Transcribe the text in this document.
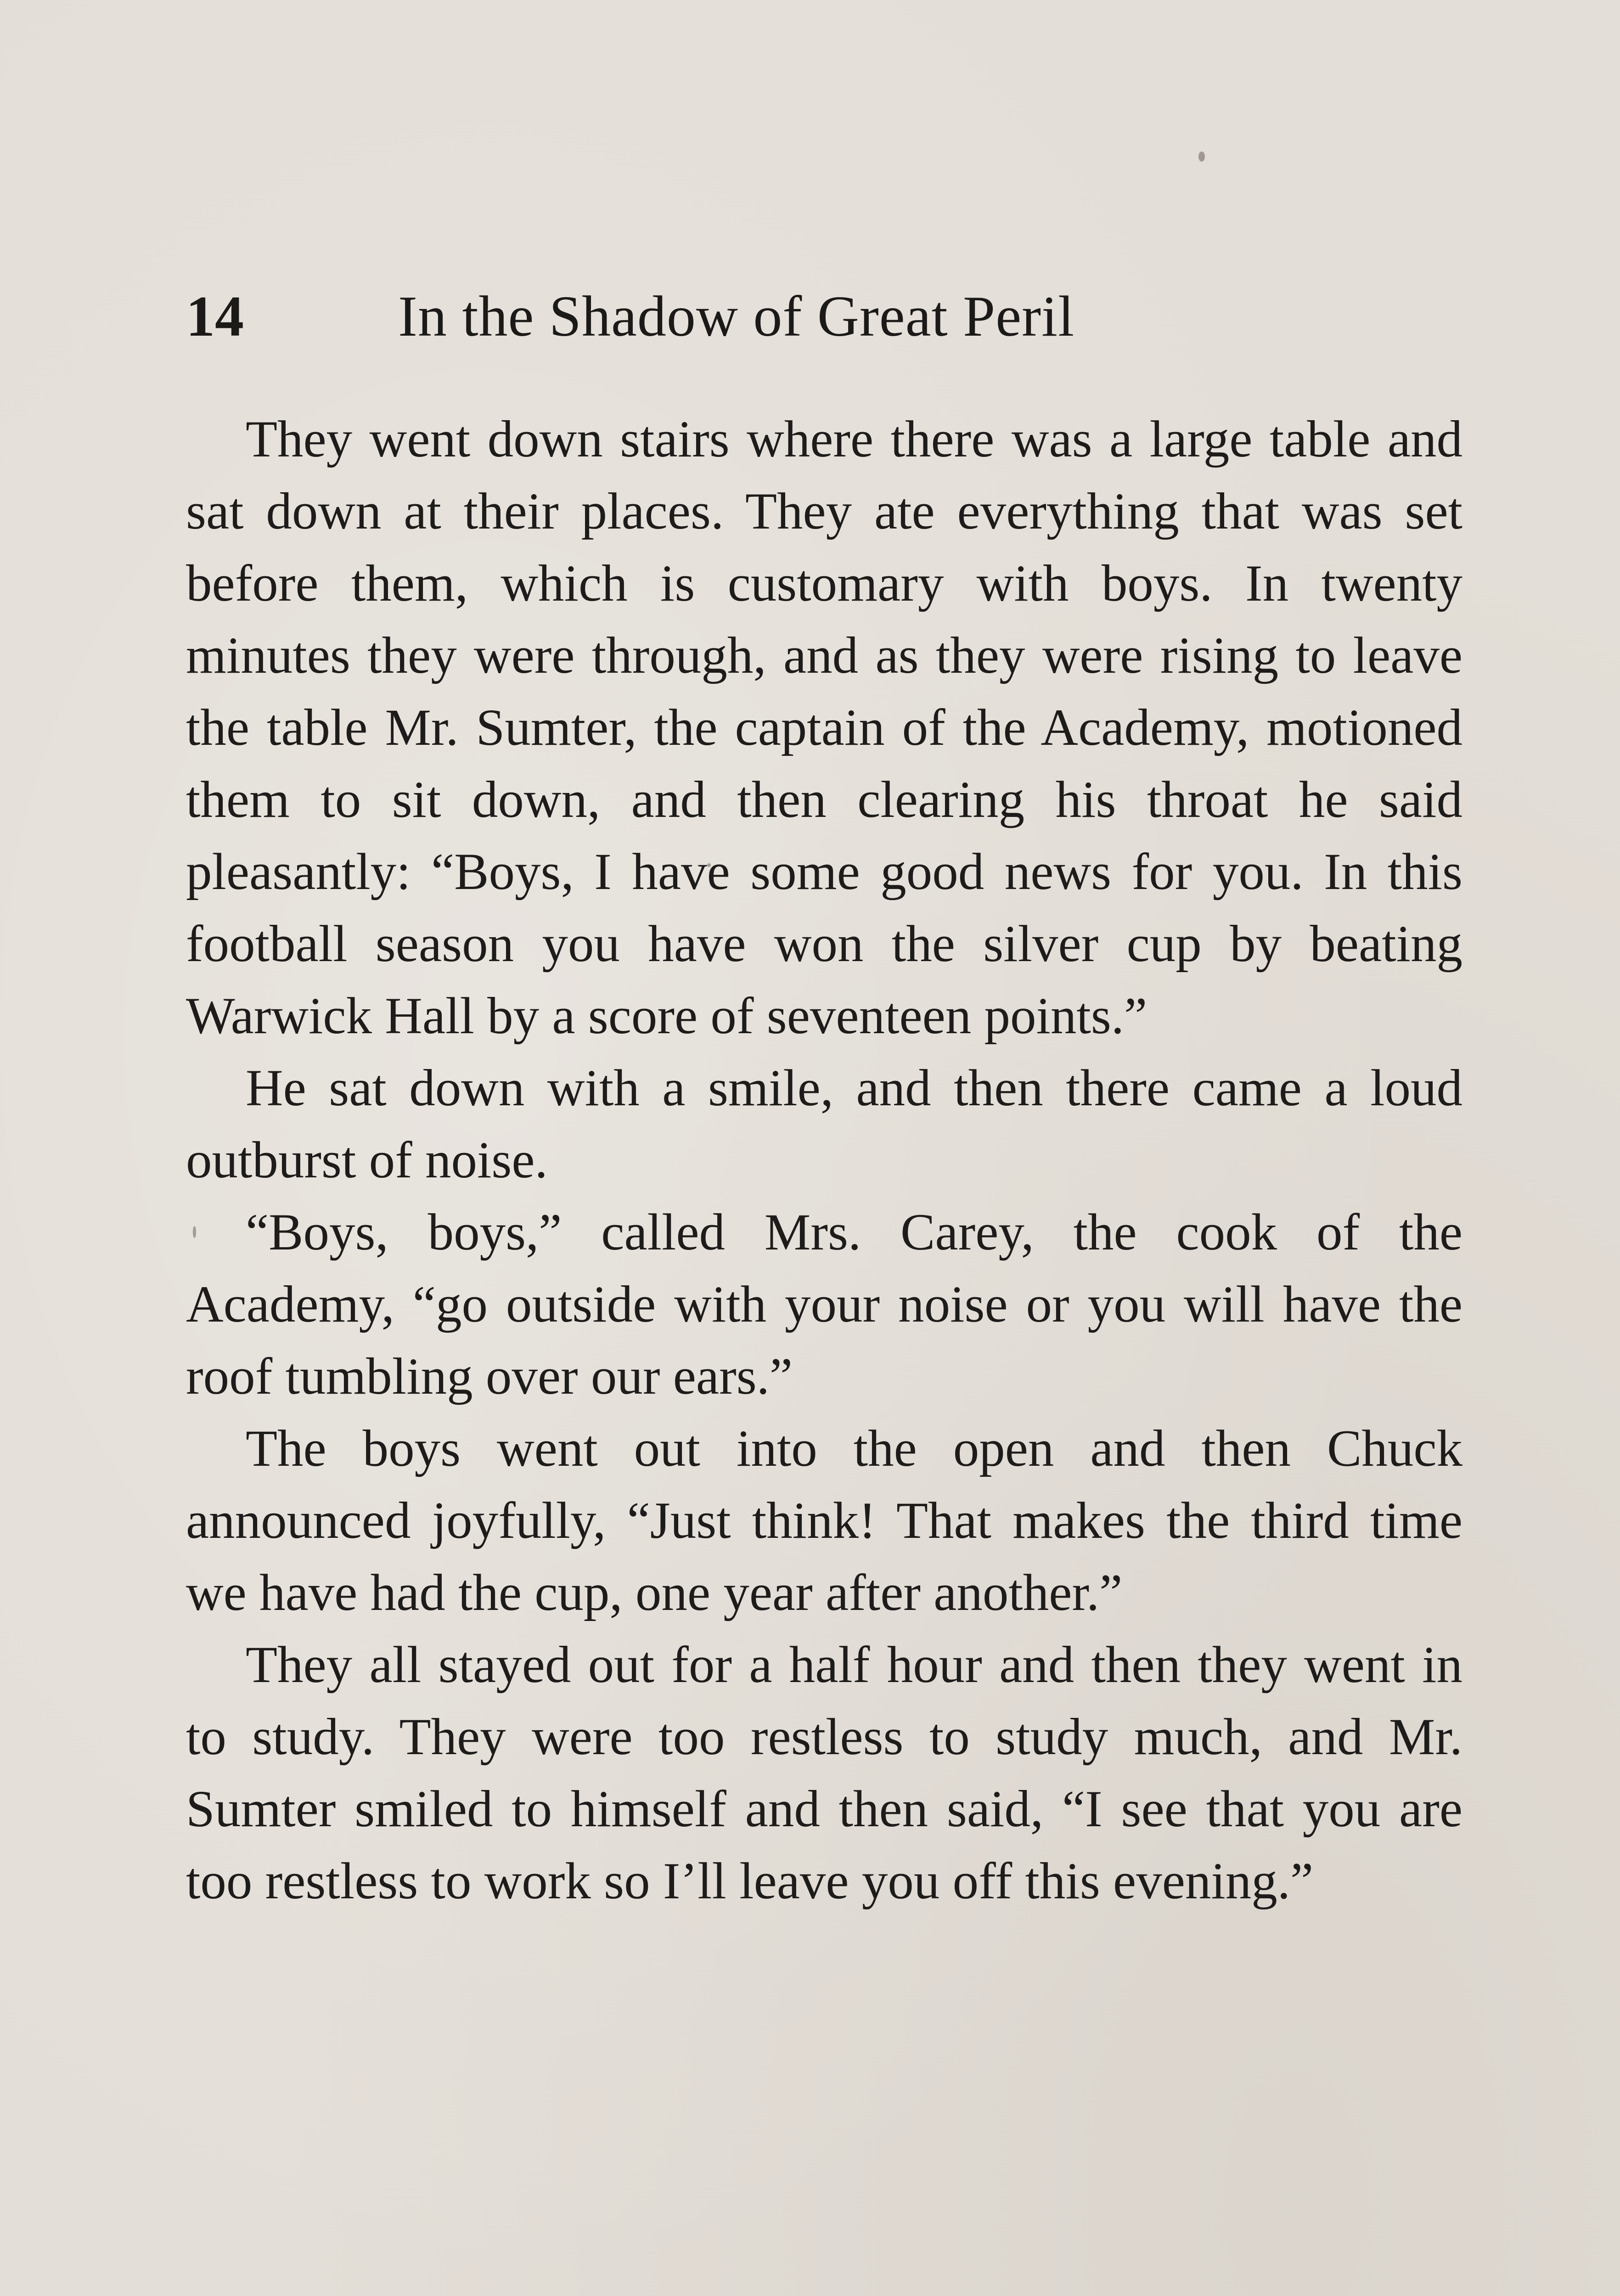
14	In the Shadow of Great Peril

They went down stairs where there was a large table and sat down at their places. They ate everything that was set before them, which is customary with boys. In twenty minutes they were through, and as they were rising to leave the table Mr. Sumter, the captain of the Academy, motioned them to sit down, and then clearing his throat he said pleasantly: “Boys, I have some good news for you. In this football season you have won the silver cup by beating Warwick Hall by a score of seventeen points.”

He sat down with a smile, and then there came a loud outburst of noise.

“Boys, boys,” called Mrs. Carey, the cook of the Academy, “go outside with your noise or you will have the roof tumbling over our ears.”

The boys went out into the open and then Chuck announced joyfully, “Just think! That makes the third time we have had the cup, one year after another.”

They all stayed out for a half hour and then they went in to study. They were too restless to study much, and Mr. Sumter smiled to himself and then said, “I see that you are too restless to work so I’ll leave you off this evening.”
